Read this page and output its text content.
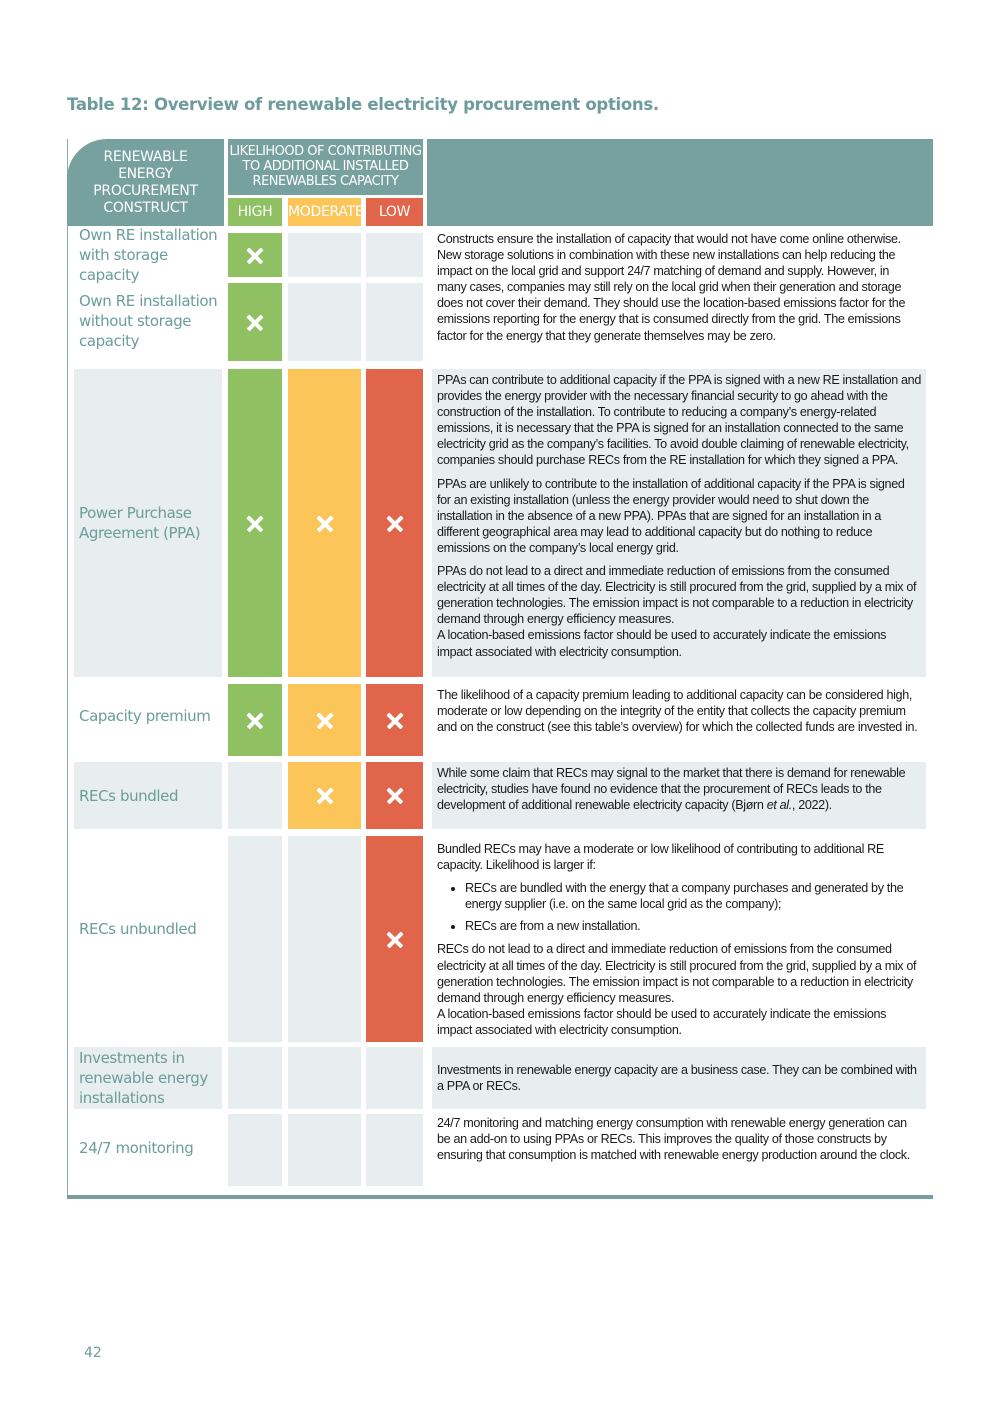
Table 12: Overview of renewable electricity procurement options.
RENEWABLE ENERGY PROCUREMENT CONSTRUCT
LIKELIHOOD OF CONTRIBUTING TO ADDITIONAL INSTALLED RENEWABLES CAPACITY
HIGH	MODERATE	LOW
Own RE installation with storage capacity
Own RE installation without storage capacity

Constructs ensure the installation of capacity that would not have come online otherwise. New storage solutions in combination with these new installations can help reducing the impact on the local grid and support 24/7 matching of demand and supply. However, in many cases, companies may still rely on the local grid when their generation and storage does not cover their demand. They should use the location-based emissions factor for the emissions reporting for the energy that is consumed directly from the grid. The emissions factor for the energy that they generate themselves may be zero.

Power Purchase Agreement (PPA)

PPAs can contribute to additional capacity if the PPA is signed with a new RE installation and provides the energy provider with the necessary financial security to go ahead with the construction of the installation. To contribute to reducing a company’s energy-related emissions, it is necessary that the PPA is signed for an installation connected to the same electricity grid as the company’s facilities. To avoid double claiming of renewable electricity, companies should purchase RECs from the RE installation for which they signed a PPA.

PPAs are unlikely to contribute to the installation of additional capacity if the PPA is signed for an existing installation (unless the energy provider would need to shut down the installation in the absence of a new PPA). PPAs that are signed for an installation in a different geographical area may lead to additional capacity but do nothing to reduce emissions on the company’s local energy grid.

PPAs do not lead to a direct and immediate reduction of emissions from the consumed electricity at all times of the day. Electricity is still procured from the grid, supplied by a mix of generation technologies. The emission impact is not comparable to a reduction in electricity demand through energy efficiency measures.

A location-based emissions factor should be used to accurately indicate the emissions impact associated with electricity consumption.

Capacity premium

The likelihood of a capacity premium leading to additional capacity can be considered high, moderate or low depending on the integrity of the entity that collects the capacity premium and on the construct (see this table’s overview) for which the collected funds are invested in.

RECs bundled

While some claim that RECs may signal to the market that there is demand for renewable electricity, studies have found no evidence that the procurement of RECs leads to the development of additional renewable electricity capacity (Bjørn et al., 2022).

RECs unbundled

Bundled RECs may have a moderate or low likelihood of contributing to additional RE capacity. Likelihood is larger if:

• RECs are bundled with the energy that a company purchases and generated by the energy supplier (i.e. on the same local grid as the company);
• RECs are from a new installation.

RECs do not lead to a direct and immediate reduction of emissions from the consumed electricity at all times of the day. Electricity is still procured from the grid, supplied by a mix of generation technologies. The emission impact is not comparable to a reduction in electricity demand through energy efficiency measures.

A location-based emissions factor should be used to accurately indicate the emissions impact associated with electricity consumption.

Investments in renewable energy installations

Investments in renewable energy capacity are a business case. They can be combined with a PPA or RECs.

24/7 monitoring

24/7 monitoring and matching energy consumption with renewable energy generation can be an add-on to using PPAs or RECs. This improves the quality of those constructs by ensuring that consumption is matched with renewable energy production around the clock.

42
